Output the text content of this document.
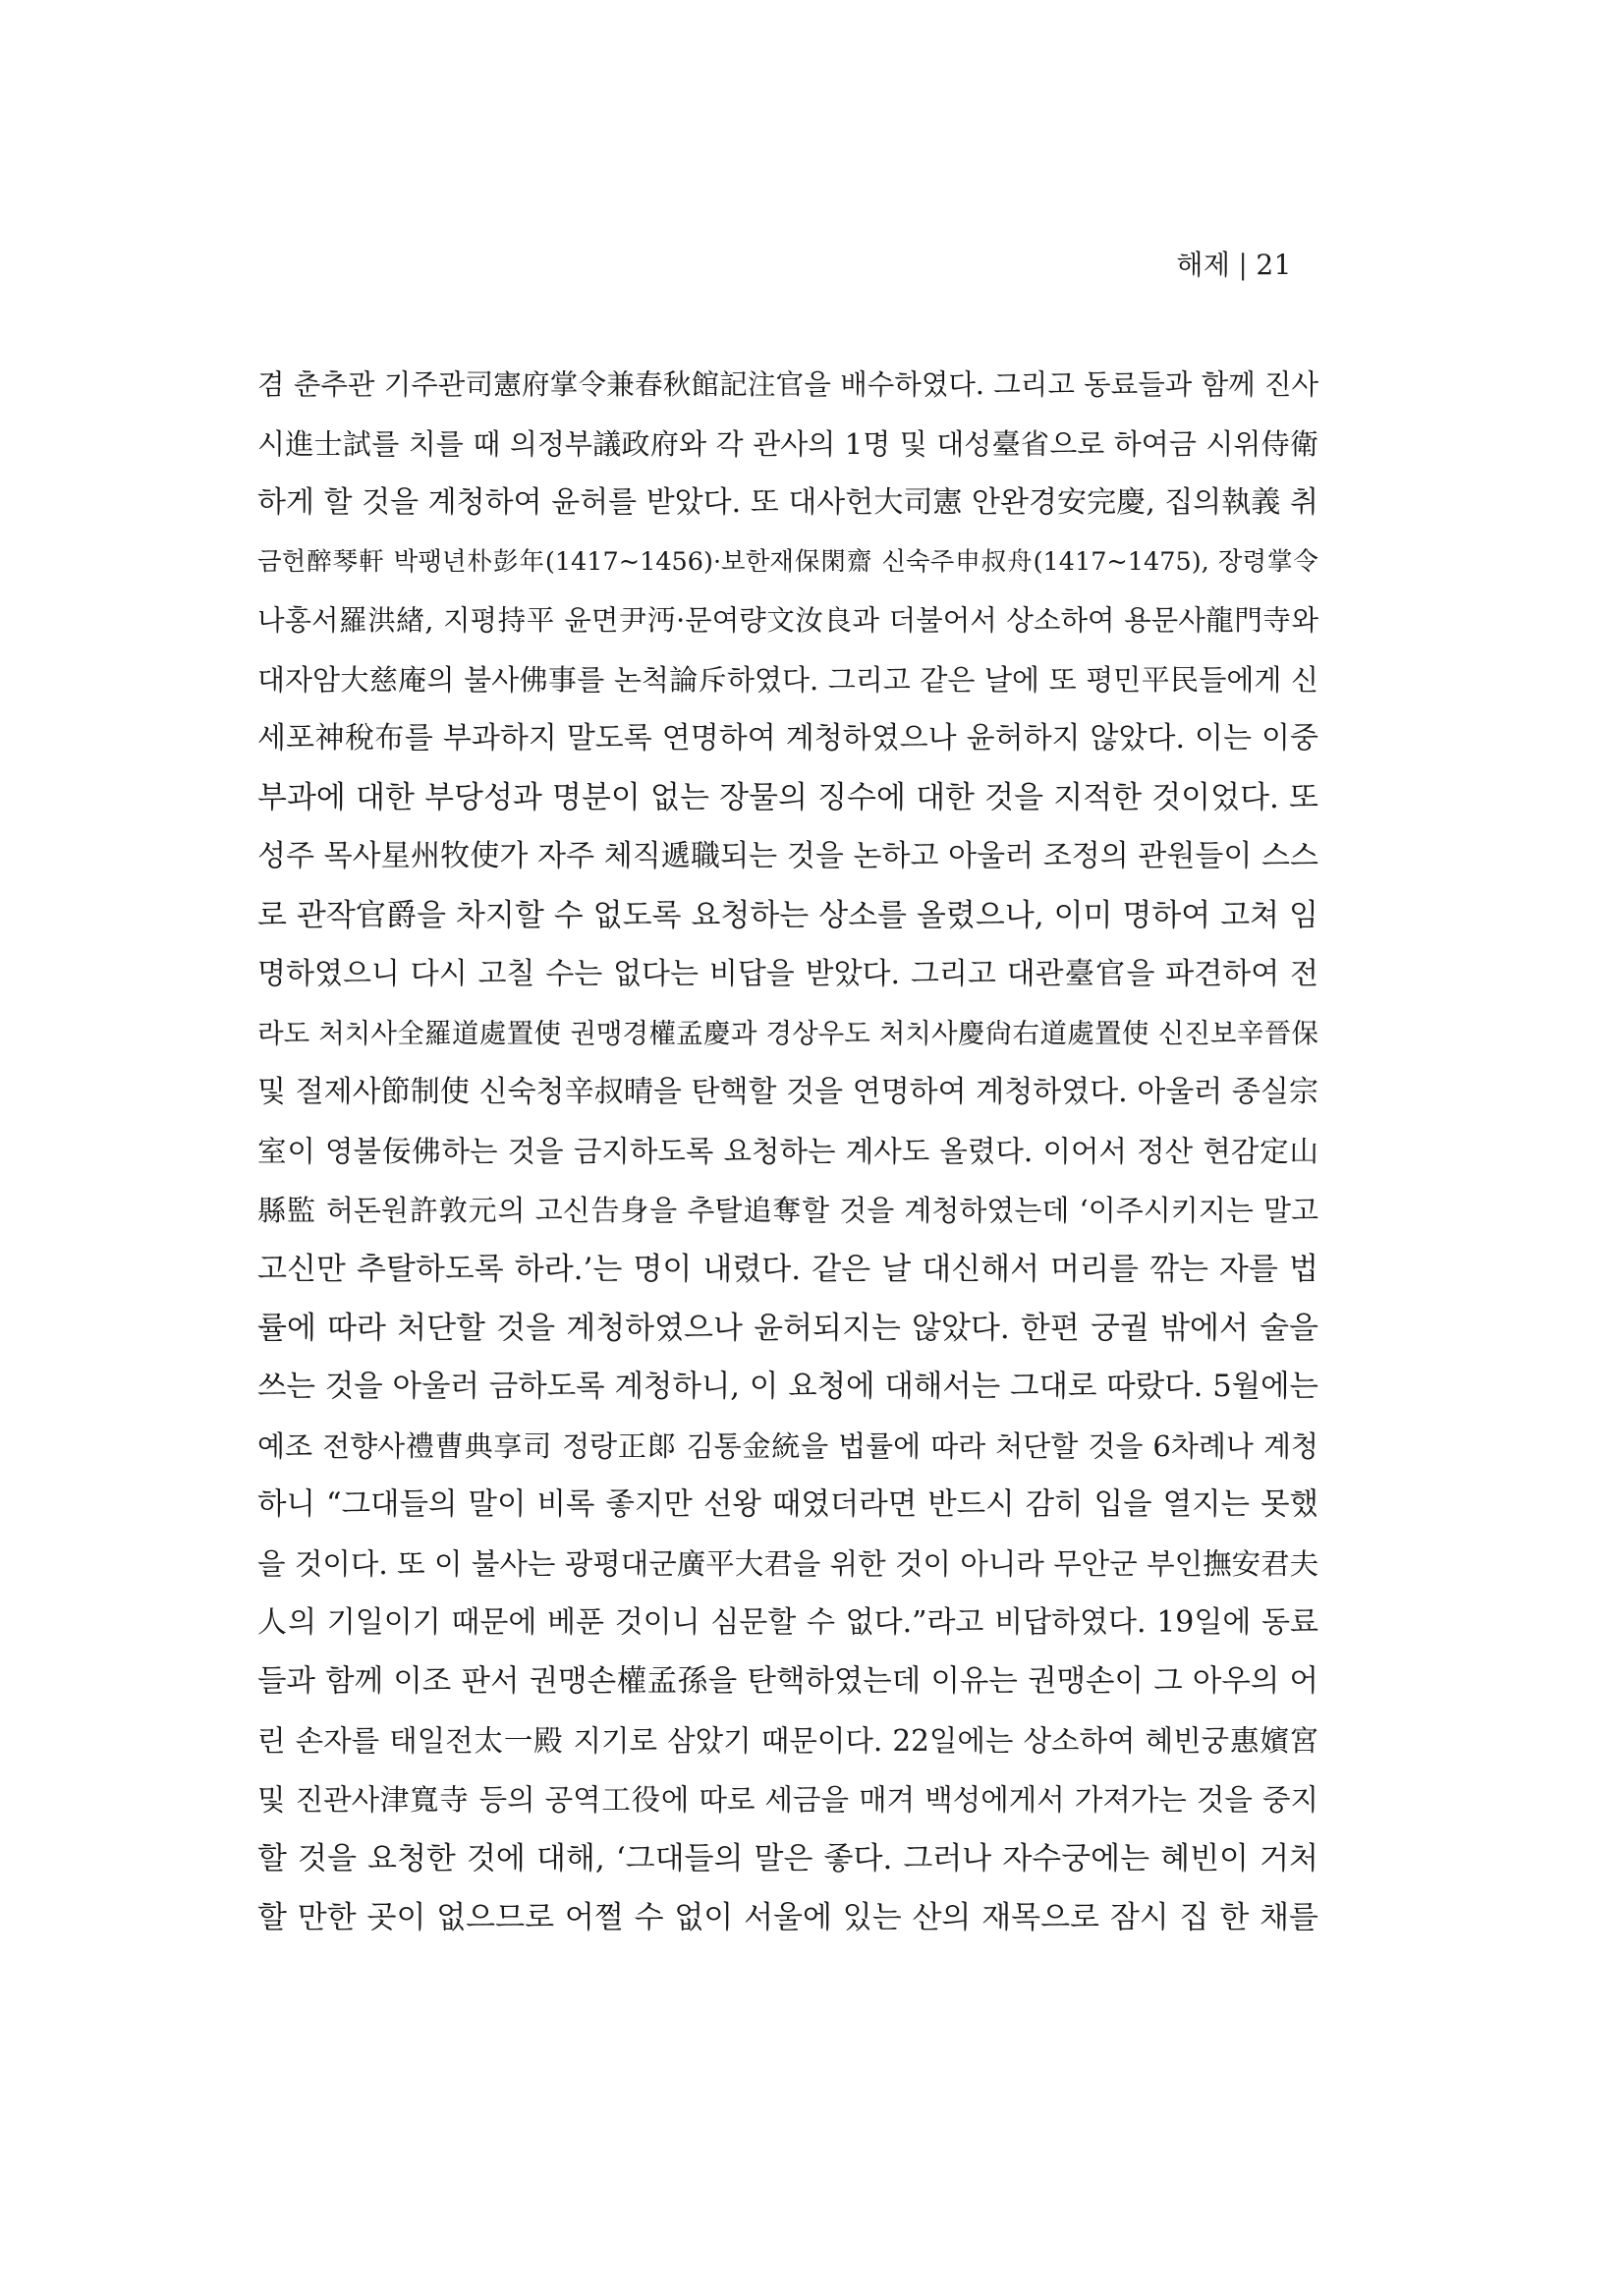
해제 | 21
겸 춘추관 기주관司憲府掌令兼春秋館記注官을 배수하였다. 그리고 동료들과 함께 진사
시進士試를 치를 때 의정부議政府와 각 관사의 1명 및 대성臺省으로 하여금 시위侍衛
하게 할 것을 계청하여 윤허를 받았다. 또 대사헌大司憲 안완경安完慶, 집의執義 취
금헌醉琴軒 박팽년朴彭年(1417~1456)·보한재保閑齋 신숙주申叔舟(1417~1475), 장령掌令
나홍서羅洪緖, 지평持平 윤면尹沔·문여량文汝良과 더불어서 상소하여 용문사龍門寺와
대자암大慈庵의 불사佛事를 논척論斥하였다. 그리고 같은 날에 또 평민平民들에게 신
세포神稅布를 부과하지 말도록 연명하여 계청하였으나 윤허하지 않았다. 이는 이중
부과에 대한 부당성과 명분이 없는 장물의 징수에 대한 것을 지적한 것이었다. 또
성주 목사星州牧使가 자주 체직遞職되는 것을 논하고 아울러 조정의 관원들이 스스
로 관작官爵을 차지할 수 없도록 요청하는 상소를 올렸으나, 이미 명하여 고쳐 임
명하였으니 다시 고칠 수는 없다는 비답을 받았다. 그리고 대관臺官을 파견하여 전
라도 처치사全羅道處置使 권맹경權孟慶과 경상우도 처치사慶尙右道處置使 신진보辛晉保
및 절제사節制使 신숙청辛叔晴을 탄핵할 것을 연명하여 계청하였다. 아울러 종실宗
室이 영불佞佛하는 것을 금지하도록 요청하는 계사도 올렸다. 이어서 정산 현감定山
縣監 허돈원許敦元의 고신告身을 추탈追奪할 것을 계청하였는데 ‘이주시키지는 말고
고신만 추탈하도록 하라.’는 명이 내렸다. 같은 날 대신해서 머리를 깎는 자를 법
률에 따라 처단할 것을 계청하였으나 윤허되지는 않았다. 한편 궁궐 밖에서 술을
쓰는 것을 아울러 금하도록 계청하니, 이 요청에 대해서는 그대로 따랐다. 5월에는
예조 전향사禮曹典享司 정랑正郞 김통金統을 법률에 따라 처단할 것을 6차례나 계청
하니 “그대들의 말이 비록 좋지만 선왕 때였더라면 반드시 감히 입을 열지는 못했
을 것이다. 또 이 불사는 광평대군廣平大君을 위한 것이 아니라 무안군 부인撫安君夫
人의 기일이기 때문에 베푼 것이니 심문할 수 없다.”라고 비답하였다. 19일에 동료
들과 함께 이조 판서 권맹손權孟孫을 탄핵하였는데 이유는 권맹손이 그 아우의 어
린 손자를 태일전太一殿 지기로 삼았기 때문이다. 22일에는 상소하여 혜빈궁惠嬪宮
및 진관사津寬寺 등의 공역工役에 따로 세금을 매겨 백성에게서 가져가는 것을 중지
할 것을 요청한 것에 대해, ‘그대들의 말은 좋다. 그러나 자수궁에는 혜빈이 거처
할 만한 곳이 없으므로 어쩔 수 없이 서울에 있는 산의 재목으로 잠시 집 한 채를
